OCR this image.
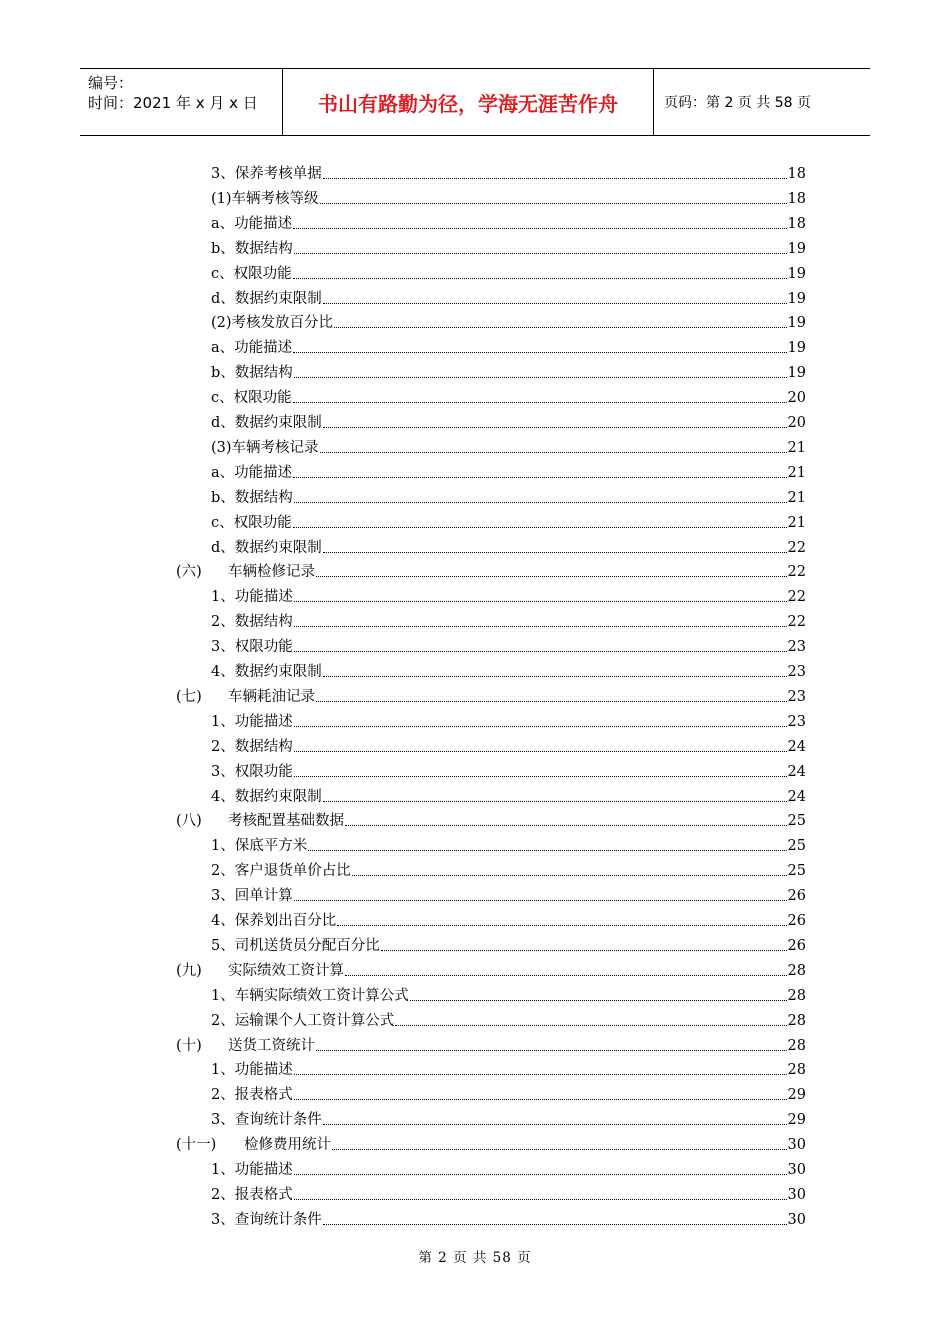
编号：
时间：2021 年 x 月 x 日	书山有路勤为径，学海无涯苦作舟	页码：第 2 页 共 58 页
3、 保养考核单据	18
(1) 车辆考核等级	18
a、 功能描述	18
b、 数据结构	19
c、 权限功能	19
d、 数据约束限制	19
(2) 考核发放百分比	19
a、 功能描述	19
b、 数据结构	19
c、 权限功能	20
d、 数据约束限制	20
(3) 车辆考核记录	21
a、 功能描述	21
b、 数据结构	21
c、 权限功能	21
d、 数据约束限制	22
(六)	车辆检修记录	22
1、 功能描述	22
2、 数据结构	22
3、 权限功能	23
4、 数据约束限制	23
(七)	车辆耗油记录	23
1、 功能描述	23
2、 数据结构	24
3、 权限功能	24
4、 数据约束限制	24
(八)	考核配置基础数据	25
1、 保底平方米	25
2、 客户退货单价占比	25
3、 回单计算	26
4、 保养划出百分比	26
5、 司机送货员分配百分比	26
(九)	实际绩效工资计算	28
1、 车辆实际绩效工资计算公式	28
2、 运输课个人工资计算公式	28
(十)	送货工资统计	28
1、 功能描述	28
2、 报表格式	29
3、 查询统计条件	29
(十一)	检修费用统计	30
1、 功能描述	30
2、 报表格式	30
3、 查询统计条件	30
第 2 页 共 58 页
